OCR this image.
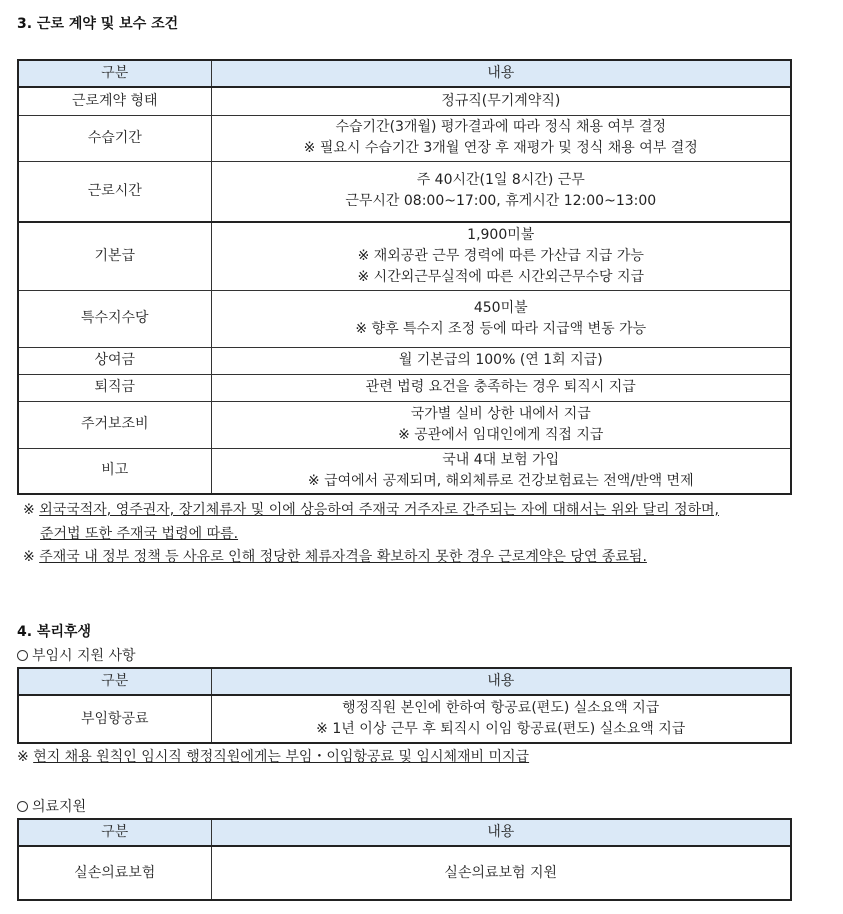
3. 근로 계약 및 보수 조건
구분	내용
근로계약 형태	정규직(무기계약직)

수습기간	수습기간(3개월) 평가결과에 따라 정식 채용 여부 결정
※ 필요시 수습기간 3개월 연장 후 재평가 및 정식 채용 여부 결정

근로시간	주 40시간(1일 8시간) 근무
근무시간 08:00~17:00, 휴게시간 12:00~13:00

기본급	1,900미불
※ 재외공관 근무 경력에 따른 가산급 지급 가능
※ 시간외근무실적에 따른 시간외근무수당 지급

특수지수당	450미불
※ 향후 특수지 조정 등에 따라 지급액 변동 가능

상여금	월 기본급의 100% (연 1회 지급)

퇴직금	관련 법령 요건을 충족하는 경우 퇴직시 지급

주거보조비	국가별 실비 상한 내에서 지급
※ 공관에서 임대인에게 직접 지급

비고	국내 4대 보험 가입
※ 급여에서 공제되며, 해외체류로 건강보험료는 전액/반액 면제
※ 외국국적자, 영주권자, 장기체류자 및 이에 상응하여 주재국 거주자로 간주되는 자에 대해서는 위와 달리 정하며,
준거법 또한 주재국 법령에 따름.
※ 주재국 내 정부 정책 등 사유로 인해 정당한 체류자격을 확보하지 못한 경우 근로계약은 당연 종료됨.
4. 복리후생
부임시 지원 사항
구분	내용
부임항공료	행정직원 본인에 한하여 항공료(편도) 실소요액 지급
※ 1년 이상 근무 후 퇴직시 이임 항공료(편도) 실소요액 지급
※ 현지 채용 원칙인 임시직 행정직원에게는 부임・이임항공료 및 임시체재비 미지급
의료지원
구분	내용
실손의료보험	실손의료보험 지원
